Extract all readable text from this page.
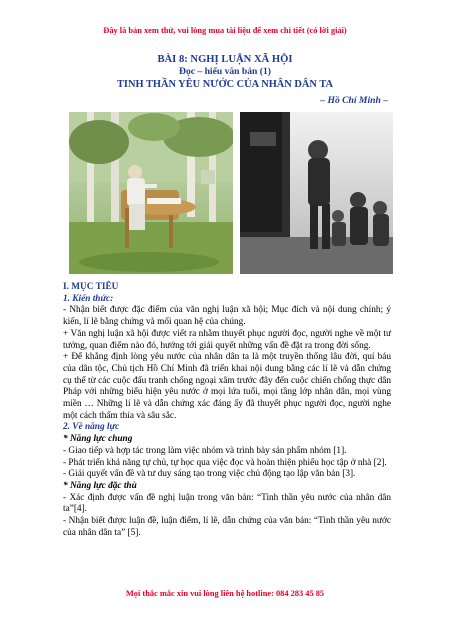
Đây là bản xem thử, vui lòng mua tài liệu để xem chi tiết (có lời giải)
BÀI 8: NGHỊ LUẬN XÃ HỘI
Đọc – hiểu văn bản (1)
TINH THẦN YÊU NƯỚC CỦA NHÂN DÂN TA
– Hồ Chí Minh –

I. MỤC TIÊU

1. Kiến thức:

- Nhận biết được đặc điểm của văn nghị luận xã hội; Mục đích và nội dung chính; ý kiến, lí lẽ bằng chứng và mối quan hệ của chúng.

+ Văn nghị luận xã hội được viết ra nhằm thuyết phục người đọc, người nghe về một tư tưởng, quan điểm nào đó, hướng tới giải quyết những vấn đề đặt ra trong đời sống.

+ Để khẳng định lòng yêu nước của nhân dân ta là một truyền thống lâu đời, quí báu của dân tộc, Chủ tịch Hồ Chí Minh đã triển khai nội dung bằng các lí lẽ và dẫn chứng cụ thể từ các cuộc đấu tranh chống ngoại xâm trước đây đến cuộc chiến chống thực dân Pháp với những biểu hiện yêu nước ở mọi lứa tuổi, mọi tầng lớp nhân dân, mọi vùng miền … Những lí lẽ và dẫn chứng xác đáng ấy đã thuyết phục người đọc, người nghe một cách thấm thía và sâu sắc.

2. Về năng lực

* Năng lực chung

- Giao tiếp và hợp tác trong làm việc nhóm và trình bày sản phẩm nhóm [1].

- Phát triển khả năng tự chủ, tự học qua việc đọc và hoàn thiện phiếu học tập ở nhà [2].

- Giải quyết vấn đề và tư duy sáng tạo trong việc chủ động tạo lập văn bản [3].

* Năng lực đặc thù

- Xác định được vấn đề nghị luận trong văn bản: “Tinh thần yêu nước của nhân dân ta”[4].

- Nhận biết được luận đề, luận điểm, lí lẽ, dẫn chứng của văn bản: “Tinh thần yêu nước của nhân dân ta” [5].

Mọi thắc mắc xin vui lòng liên hệ hotline: 084 283 45 85
